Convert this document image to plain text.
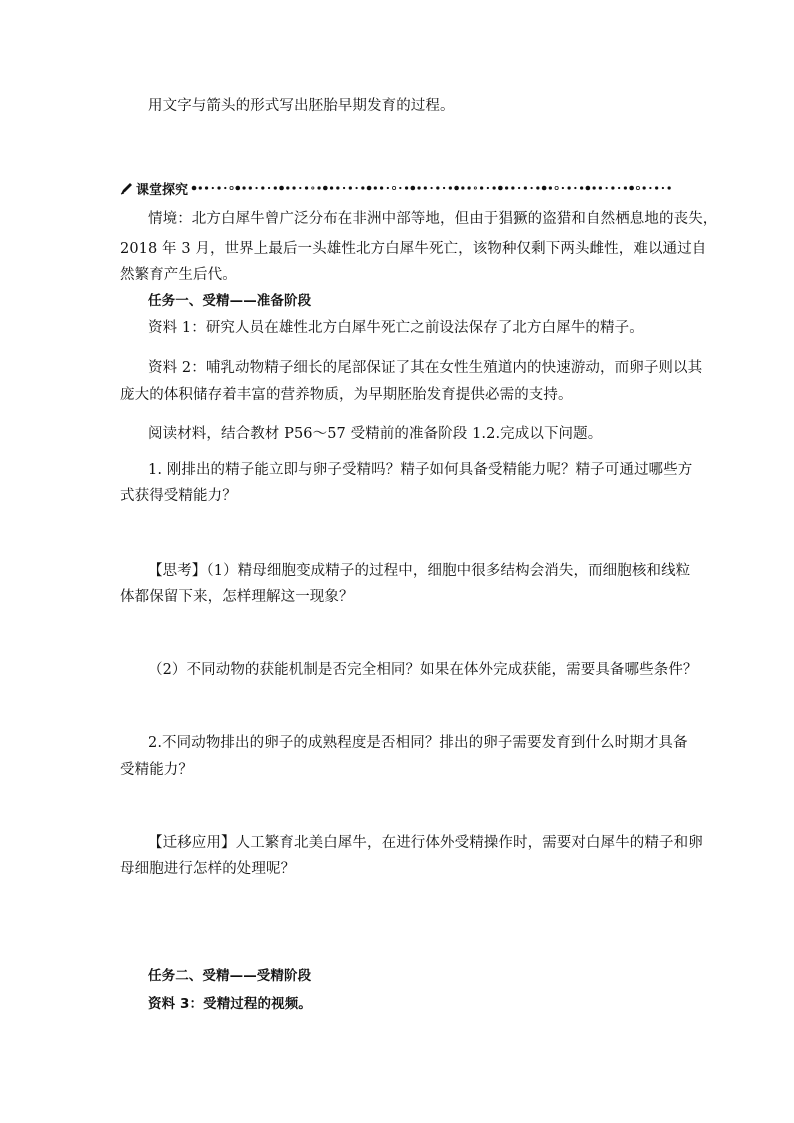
用文字与箭头的形式写出胚胎早期发育的过程。
课堂探究
情境：北方白犀牛曾广泛分布在非洲中部等地，但由于猖獗的盗猎和自然栖息地的丧失，
2018 年 3 月，世界上最后一头雄性北方白犀牛死亡，该物种仅剩下两头雌性，难以通过自
然繁育产生后代。
任务一、受精——准备阶段
资料 1：研究人员在雄性北方白犀牛死亡之前设法保存了北方白犀牛的精子。
资料 2：哺乳动物精子细长的尾部保证了其在女性生殖道内的快速游动，而卵子则以其
庞大的体积储存着丰富的营养物质，为早期胚胎发育提供必需的支持。
阅读材料，结合教材 P56～57 受精前的准备阶段 1.2.完成以下问题。
1. 刚排出的精子能立即与卵子受精吗？精子如何具备受精能力呢？精子可通过哪些方
式获得受精能力？
【思考】（1）精母细胞变成精子的过程中，细胞中很多结构会消失，而细胞核和线粒
体都保留下来，怎样理解这一现象？
（2）不同动物的获能机制是否完全相同？如果在体外完成获能，需要具备哪些条件？
2.不同动物排出的卵子的成熟程度是否相同？排出的卵子需要发育到什么时期才具备
受精能力？
【迁移应用】人工繁育北美白犀牛，在进行体外受精操作时，需要对白犀牛的精子和卵
母细胞进行怎样的处理呢？
任务二、受精——受精阶段
资料 3：受精过程的视频。
